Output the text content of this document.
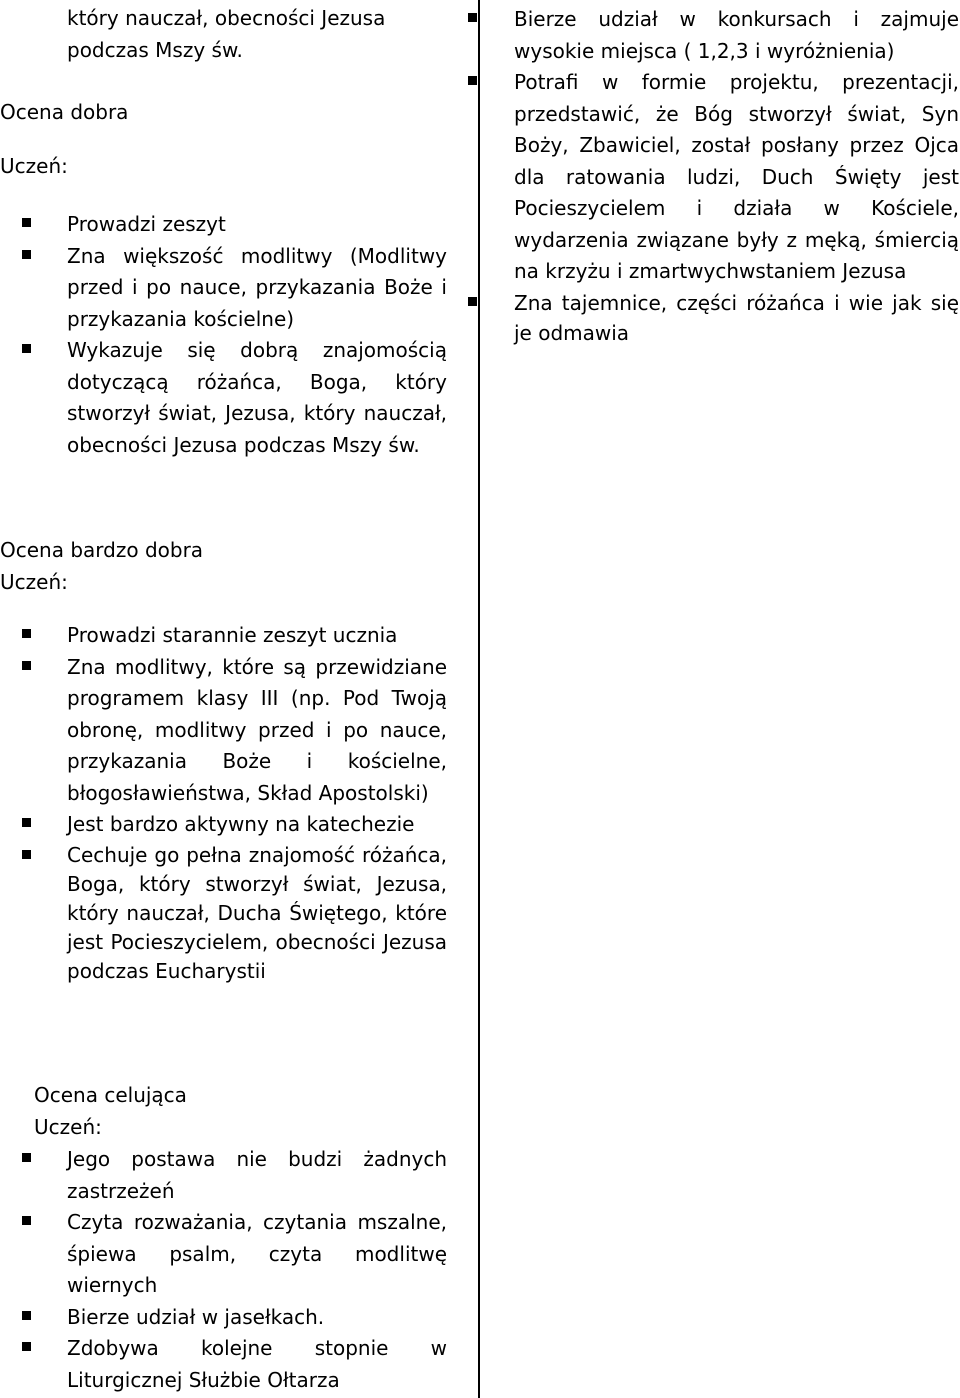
który nauczał, obecności Jezusa
podczas Mszy św.
Ocena dobra
Uczeń:
Prowadzi zeszyt
Zna większość modlitwy (Modlitwy przed i po nauce, przykazania Boże i przykazania kościelne)
Wykazuje się dobrą znajomością dotyczącą różańca, Boga, który stworzył świat, Jezusa, który nauczał, obecności Jezusa podczas Mszy św.
Ocena bardzo dobra
Uczeń:
Prowadzi starannie zeszyt ucznia
Zna modlitwy, które są przewidziane programem klasy III (np. Pod Twoją obronę, modlitwy przed i po nauce, przykazania Boże i kościelne, błogosławieństwa, Skład Apostolski)
Jest bardzo aktywny na katechezie
Cechuje go pełna znajomość różańca, Boga, który stworzył świat, Jezusa, który nauczał, Ducha Świętego, które jest Pocieszycielem, obecności Jezusa podczas Eucharystii
Ocena celująca
Uczeń:
Jego postawa nie budzi żadnych zastrzeżeń
Czyta rozważania, czytania mszalne, śpiewa psalm, czyta modlitwę wiernych
Bierze udział w jasełkach.
Zdobywa kolejne stopnie w Liturgicznej Służbie Ołtarza
Bierze udział w konkursach i zajmuje wysokie miejsca ( 1,2,3 i wyróżnienia)
Potrafi w formie projektu, prezentacji, przedstawić, że Bóg stworzył świat, Syn Boży, Zbawiciel, został posłany przez Ojca dla ratowania ludzi, Duch Święty jest Pocieszycielem i działa w Kościele, wydarzenia związane były z męką, śmiercią na krzyżu i zmartwychwstaniem Jezusa
Zna tajemnice, części różańca i wie jak się je odmawia
